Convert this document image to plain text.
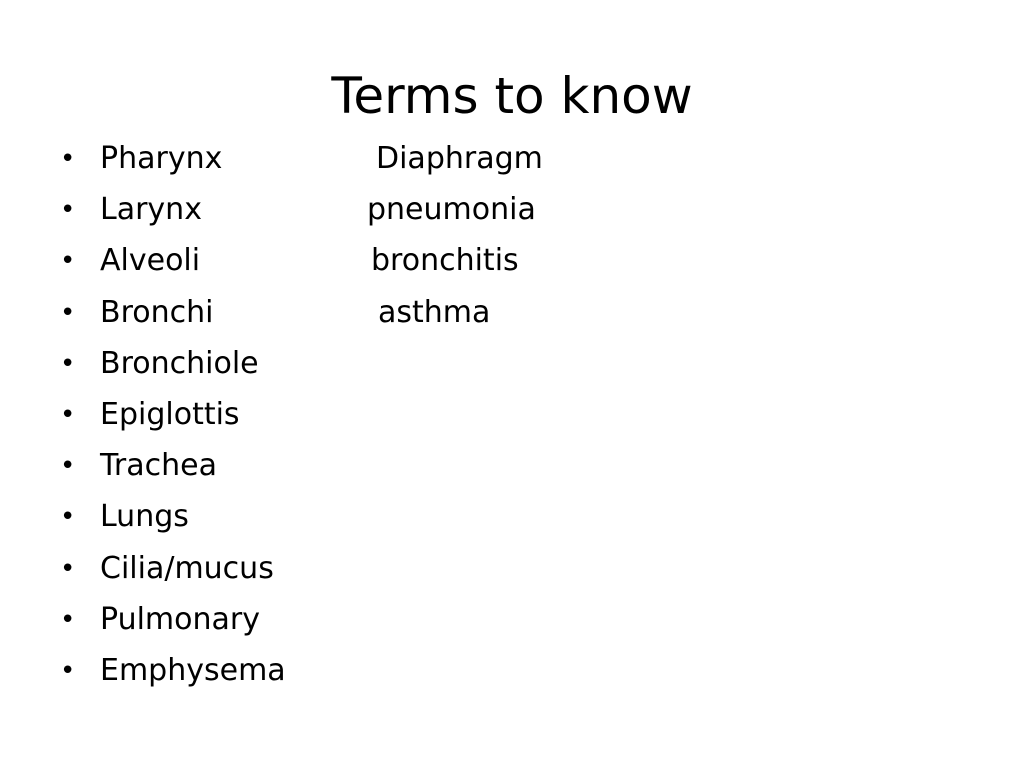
Terms to know
• Pharynx	Diaphragm
• Larynx	pneumonia
• Alveoli	bronchitis
• Bronchi	asthma
• Bronchiole
• Epiglottis
• Trachea
• Lungs
• Cilia/mucus
• Pulmonary
• Emphysema
